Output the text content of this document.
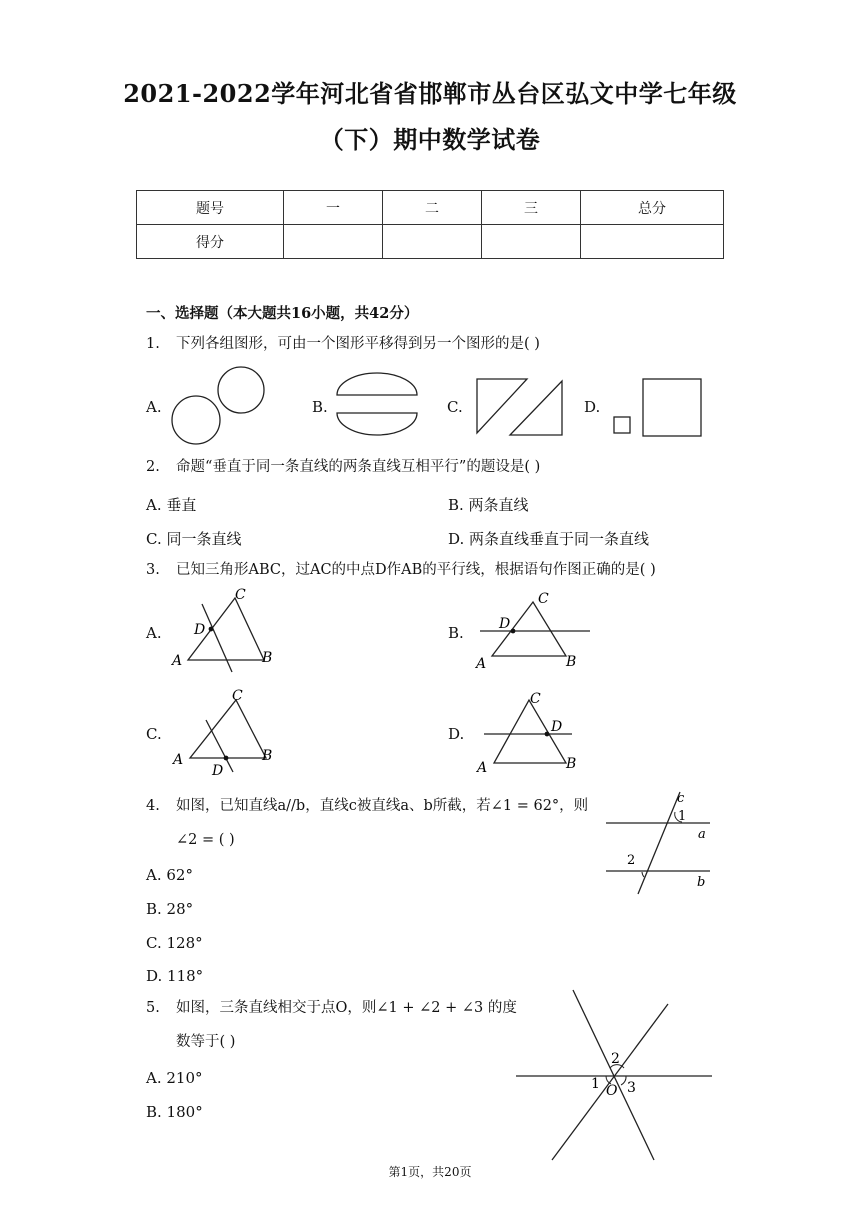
2021-2022学年河北省省邯郸市丛台区弘文中学七年级
（下）期中数学试卷
题号	一	二	三	总分
得分				
一、选择题（本大题共16小题，共42分）
1. 下列各组图形，可由一个图形平移得到另一个图形的是( )
A.	B.	C.	D.
2. 命题“垂直于同一条直线的两条直线互相平行”的题设是( )
A. 垂直	B. 两条直线
C. 同一条直线	D. 两条直线垂直于同一条直线
3. 已知三角形ABC，过AC的中点D作AB的平行线，根据语句作图正确的是( )
A.	B.
C.	D.
C
D
A	B
C
D
A	B
C
D
A	B
C
D
A	B
4. 如图，已知直线a//b，直线c被直线a、b所截，若∠1 = 62°，则
∠2 = ( )
A. 62°
B. 28°
C. 128°
D. 118°
c
1
a
2
b
5. 如图，三条直线相交于点O，则∠1 + ∠2 + ∠3 的度
数等于( )
A. 210°
B. 180°
2
1 O 3
第1页，共20页
